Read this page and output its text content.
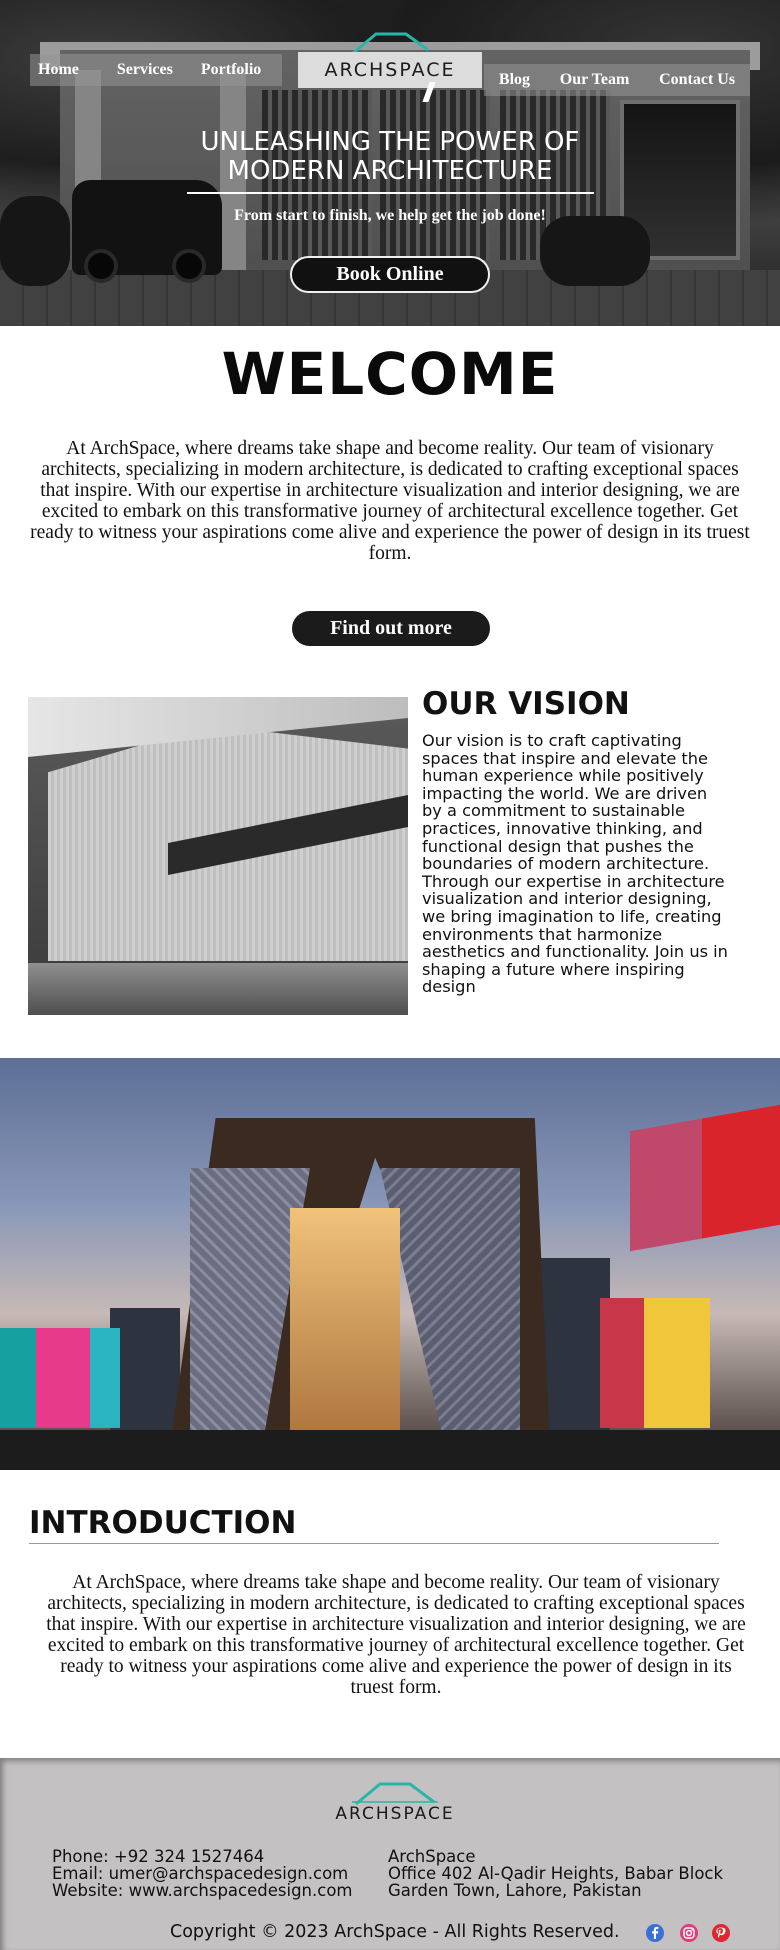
Home	Services	Portfolio	ARCHSPACE	Blog	Our Team	Contact Us
UNLEASHING THE POWER OF
MODERN ARCHITECTURE

From start to finish, we help get the job done!

Book Online
WELCOME

At ArchSpace, where dreams take shape and become reality. Our team of visionary architects, specializing in modern architecture, is dedicated to crafting exceptional spaces that inspire. With our expertise in architecture visualization and interior designing, we are excited to embark on this transformative journey of architectural excellence together. Get ready to witness your aspirations come alive and experience the power of design in its truest form.

Find out more
OUR VISION

Our vision is to craft captivating spaces that inspire and elevate the human experience while positively impacting the world. We are driven by a commitment to sustainable practices, innovative thinking, and functional design that pushes the boundaries of modern architecture. Through our expertise in architecture visualization and interior designing, we bring imagination to life, creating environments that harmonize aesthetics and functionality. Join us in shaping a future where inspiring design

INTRODUCTION

At ArchSpace, where dreams take shape and become reality. Our team of visionary architects, specializing in modern architecture, is dedicated to crafting exceptional spaces that inspire. With our expertise in architecture visualization and interior designing, we are excited to embark on this transformative journey of architectural excellence together. Get ready to witness your aspirations come alive and experience the power of design in its truest form.

ARCHSPACE
Phone: +92 324 1527464
Email: umer@archspacedesign.com
Website: www.archspacedesign.com
ArchSpace
Office 402 Al-Qadir Heights, Babar Block
Garden Town, Lahore, Pakistan
Copyright © 2023 ArchSpace - All Rights Reserved.
